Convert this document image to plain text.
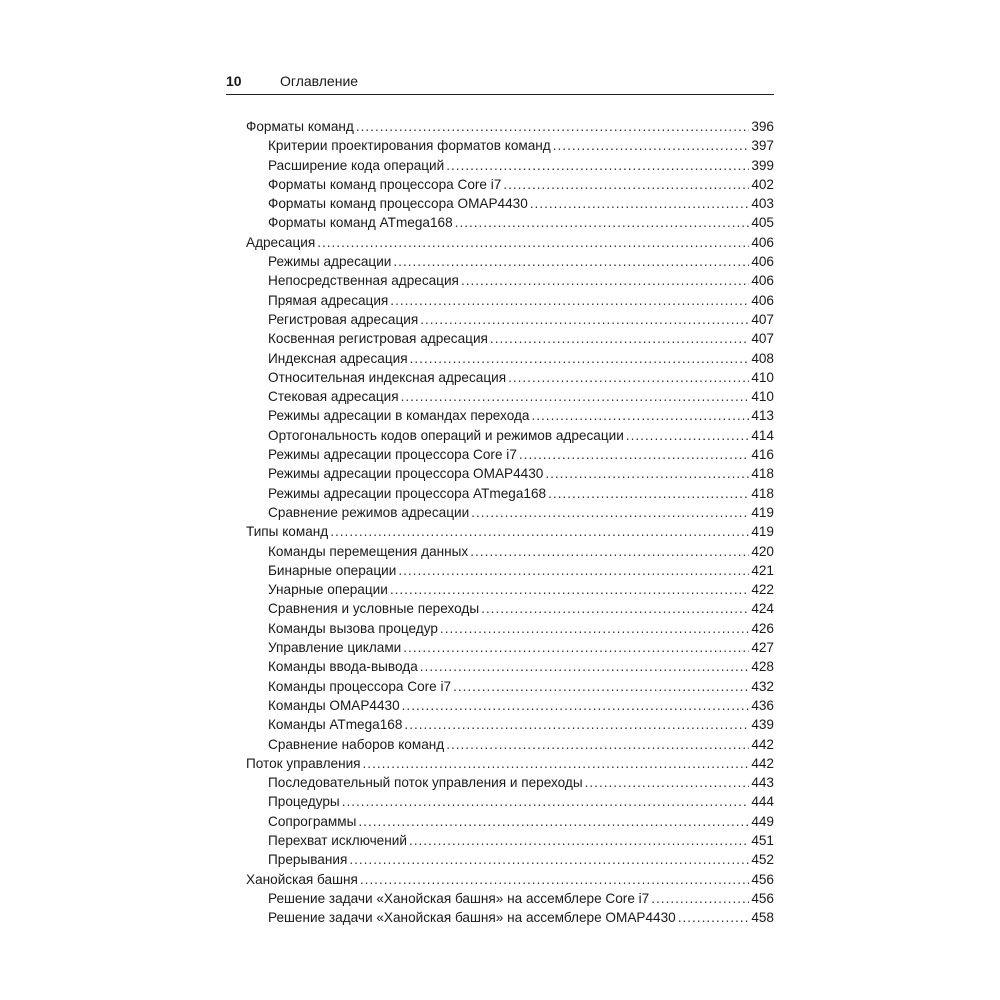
10	Оглавление
Форматы команд .....	396
Критерии проектирования форматов команд .....	397
Расширение кода операций .....	399
Форматы команд процессора Core i7 .....	402
Форматы команд процессора OMAP4430 .....	403
Форматы команд ATmega168 .....	405
Адресация .....	406
Режимы адресации .....	406
Непосредственная адресация .....	406
Прямая адресация .....	406
Регистровая адресация .....	407
Косвенная регистровая адресация .....	407
Индексная адресация .....	408
Относительная индексная адресация .....	410
Стековая адресация .....	410
Режимы адресации в командах перехода .....	413
Ортогональность кодов операций и режимов адресации .....	414
Режимы адресации процессора Core i7 .....	416
Режимы адресации процессора OMAP4430 .....	418
Режимы адресации процессора ATmega168 .....	418
Сравнение режимов адресации .....	419
Типы команд .....	419
Команды перемещения данных .....	420
Бинарные операции .....	421
Унарные операции .....	422
Сравнения и условные переходы .....	424
Команды вызова процедур .....	426
Управление циклами .....	427
Команды ввода-вывода .....	428
Команды процессора Core i7 .....	432
Команды OMAP4430 .....	436
Команды ATmega168 .....	439
Сравнение наборов команд .....	442
Поток управления .....	442
Последовательный поток управления и переходы .....	443
Процедуры .....	444
Сопрограммы .....	449
Перехват исключений .....	451
Прерывания .....	452
Ханойская башня .....	456
Решение задачи «Ханойская башня» на ассемблере Core i7 .....	456
Решение задачи «Ханойская башня» на ассемблере OMAP4430 .....	458
